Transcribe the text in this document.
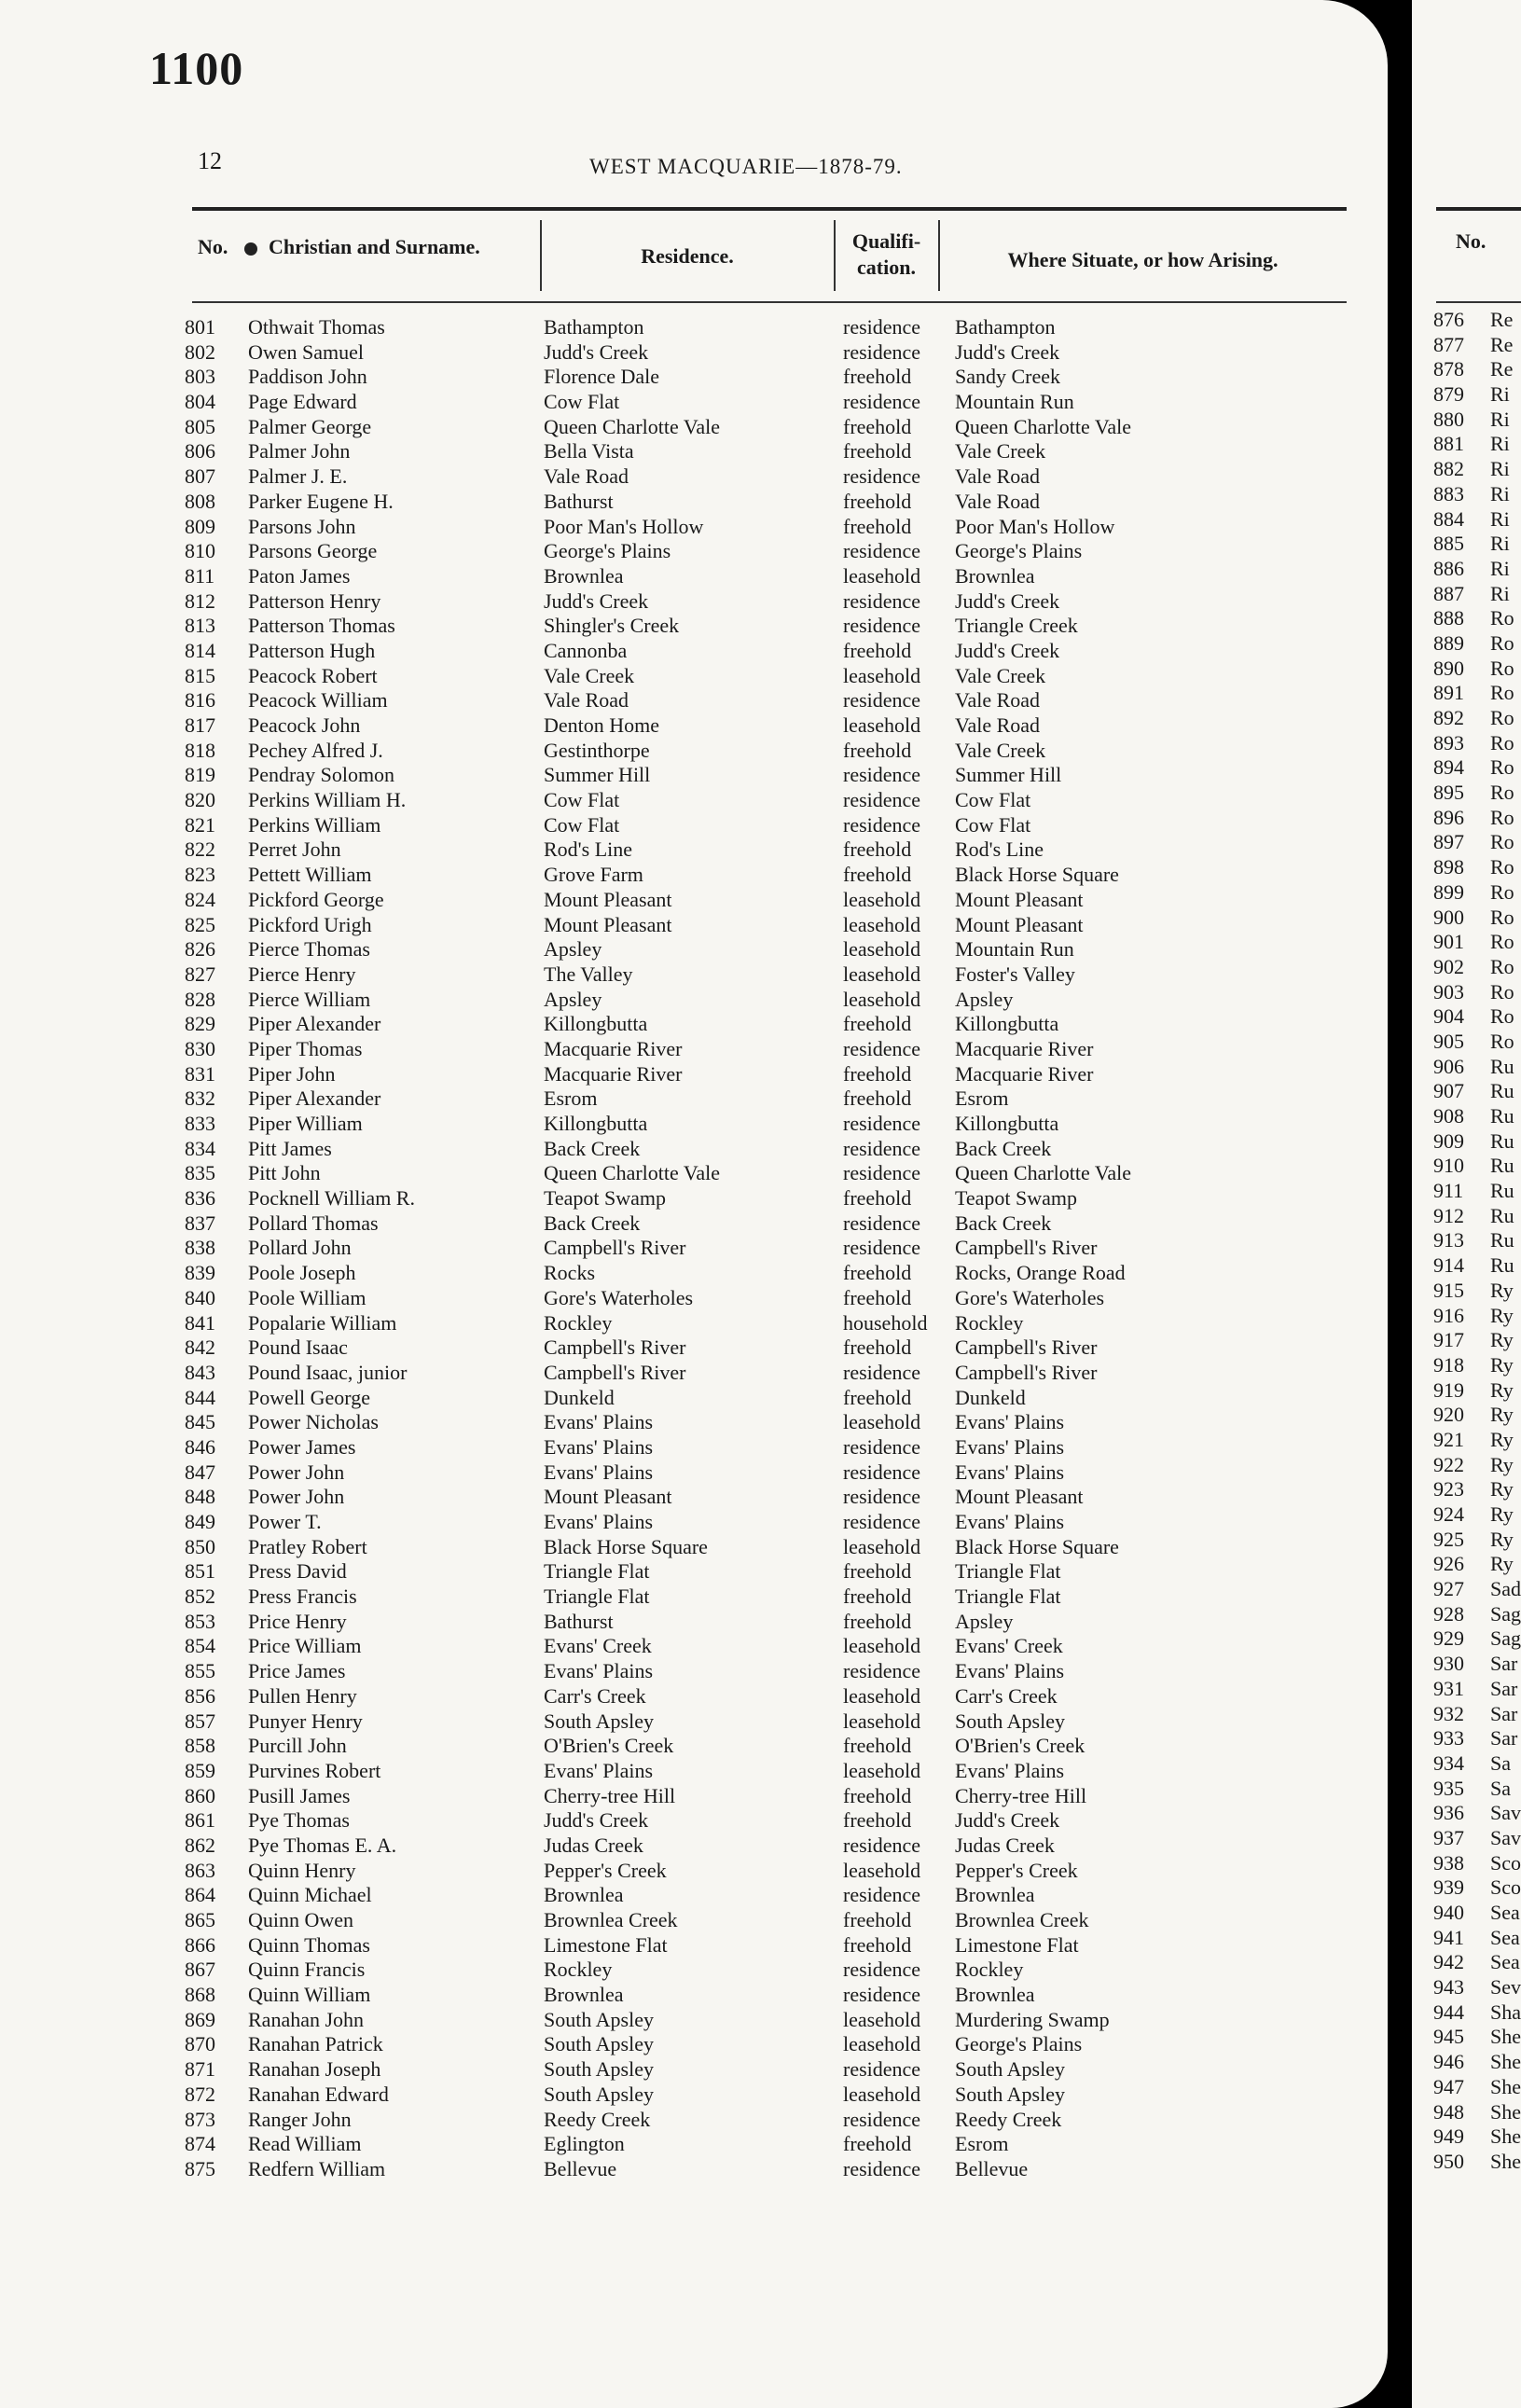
1100
12	WEST MACQUARIE—1878-79.
No.	Christian and Surname.	Residence.
Qualifi-
cation.	Where Situate, or how Arising.
801 Othwait Thomas	Bathampton	residence Bathampton
802 Owen Samuel	Judd's Creek	residence Judd's Creek
803 Paddison John	Florence Dale	freehold Sandy Creek
804 Page Edward	Cow Flat	residence Mountain Run
805 Palmer George	Queen Charlotte Vale	freehold Queen Charlotte Vale
806 Palmer John	Bella Vista	freehold Vale Creek
807 Palmer J. E.	Vale Road	residence Vale Road
808 Parker Eugene H.	Bathurst	freehold Vale Road
809 Parsons John	Poor Man's Hollow	freehold Poor Man's Hollow
810 Parsons George	George's Plains	residence George's Plains
811 Paton James	Brownlea	leasehold Brownlea
812 Patterson Henry	Judd's Creek	residence Judd's Creek
813 Patterson Thomas	Shingler's Creek	residence Triangle Creek
814 Patterson Hugh	Cannonba	freehold Judd's Creek
815 Peacock Robert	Vale Creek	leasehold Vale Creek
816 Peacock William	Vale Road	residence Vale Road
817 Peacock John	Denton Home	leasehold Vale Road
818 Pechey Alfred J.	Gestinthorpe	freehold Vale Creek
819 Pendray Solomon	Summer Hill	residence Summer Hill
820 Perkins William H.	Cow Flat	residence Cow Flat
821 Perkins William	Cow Flat	residence Cow Flat
822 Perret John	Rod's Line	freehold Rod's Line
823 Pettett William	Grove Farm	freehold Black Horse Square
824 Pickford George	Mount Pleasant	leasehold Mount Pleasant
825 Pickford Urigh	Mount Pleasant	leasehold Mount Pleasant
826 Pierce Thomas	Apsley	leasehold Mountain Run
827 Pierce Henry	The Valley	leasehold Foster's Valley
828 Pierce William	Apsley	leasehold Apsley
829 Piper Alexander	Killongbutta	freehold Killongbutta
830 Piper Thomas	Macquarie River	residence Macquarie River
831 Piper John	Macquarie River	freehold Macquarie River
832 Piper Alexander	Esrom	freehold Esrom
833 Piper William	Killongbutta	residence Killongbutta
834 Pitt James	Back Creek	residence Back Creek
835 Pitt John	Queen Charlotte Vale	residence Queen Charlotte Vale
836 Pocknell William R.	Teapot Swamp	freehold Teapot Swamp
837 Pollard Thomas	Back Creek	residence Back Creek
838 Pollard John	Campbell's River	residence Campbell's River
839 Poole Joseph	Rocks	freehold Rocks, Orange Road
840 Poole William	Gore's Waterholes	freehold Gore's Waterholes
841 Popalarie William	Rockley	household Rockley
842 Pound Isaac	Campbell's River	freehold Campbell's River
843 Pound Isaac, junior	Campbell's River	residence Campbell's River
844 Powell George	Dunkeld	freehold Dunkeld
845 Power Nicholas	Evans' Plains	leasehold Evans' Plains
846 Power James	Evans' Plains	residence Evans' Plains
847 Power John	Evans' Plains	residence Evans' Plains
848 Power John	Mount Pleasant	residence Mount Pleasant
849 Power T.	Evans' Plains	residence Evans' Plains
850 Pratley Robert	Black Horse Square	leasehold Black Horse Square
851 Press David	Triangle Flat	freehold Triangle Flat
852 Press Francis	Triangle Flat	freehold Triangle Flat
853 Price Henry	Bathurst	freehold Apsley
854 Price William	Evans' Creek	leasehold Evans' Creek
855 Price James	Evans' Plains	residence Evans' Plains
856 Pullen Henry	Carr's Creek	leasehold Carr's Creek
857 Punyer Henry	South Apsley	leasehold South Apsley
858 Purcill John	O'Brien's Creek	freehold O'Brien's Creek
859 Purvines Robert	Evans' Plains	leasehold Evans' Plains
860 Pusill James	Cherry-tree Hill	freehold Cherry-tree Hill
861 Pye Thomas	Judd's Creek	freehold Judd's Creek
862 Pye Thomas E. A.	Judas Creek	residence Judas Creek
863 Quinn Henry	Pepper's Creek	leasehold Pepper's Creek
864 Quinn Michael	Brownlea	residence Brownlea
865 Quinn Owen	Brownlea Creek	freehold Brownlea Creek
866 Quinn Thomas	Limestone Flat	freehold Limestone Flat
867 Quinn Francis	Rockley	residence Rockley
868 Quinn William	Brownlea	residence Brownlea
869 Ranahan John	South Apsley	leasehold Murdering Swamp
870 Ranahan Patrick	South Apsley	leasehold George's Plains
871 Ranahan Joseph	South Apsley	residence South Apsley
872 Ranahan Edward	South Apsley	leasehold South Apsley
873 Ranger John	Reedy Creek	residence Reedy Creek
874 Read William	Eglington	freehold Esrom
875 Redfern William	Bellevue	residence Bellevue
No.
876 Re
877 Re
878 Re
879 Ri
880 Ri
881 Ri
882 Ri
883 Ri
884 Ri
885 Ri
886 Ri
887 Ri
888 Ro
889 Ro
890 Ro
891 Ro
892 Ro
893 Ro
894 Ro
895 Ro
896 Ro
897 Ro
898 Ro
899 Ro
900 Ro
901 Ro
902 Ro
903 Ro
904 Ro
905 Ro
906 Ru
907 Ru
908 Ru
909 Ru
910 Ru
911 Ru
912 Ru
913 Ru
914 Ru
915 Ry
916 Ry
917 Ry
918 Ry
919 Ry
920 Ry
921 Ry
922 Ry
923 Ry
924 Ry
925 Ry
926 Ry
927 Sad
928 Sag
929 Sag
930 Sar
931 Sar
932 Sar
933 Sar
934 Sa
935 Sa
936 Sav
937 Sav
938 Sco
939 Sco
940 Sea
941 Sea
942 Sea
943 Sev
944 Sha
945 She
946 She
947 She
948 She
949 She
950 She
